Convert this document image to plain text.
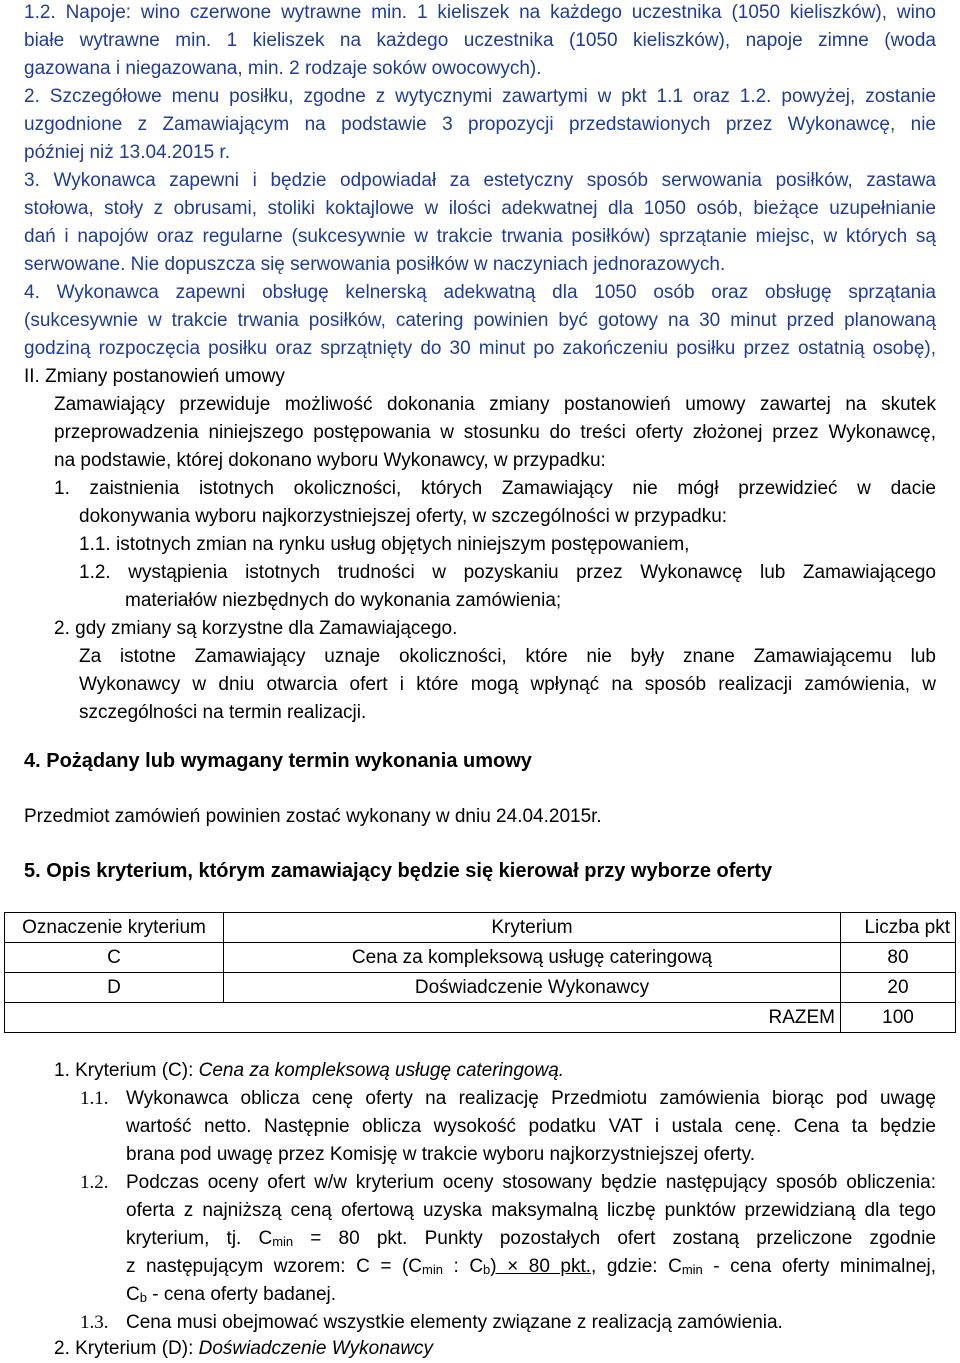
1.2. Napoje: wino czerwone wytrawne min. 1 kieliszek na każdego uczestnika (1050 kieliszków), wino
białe wytrawne min. 1 kieliszek na każdego uczestnika (1050 kieliszków), napoje zimne (woda
gazowana i niegazowana, min. 2 rodzaje soków owocowych).
2. Szczegółowe menu posiłku, zgodne z wytycznymi zawartymi w pkt 1.1 oraz 1.2. powyżej, zostanie
uzgodnione z Zamawiającym na podstawie 3 propozycji przedstawionych przez Wykonawcę, nie
później niż 13.04.2015 r.
3. Wykonawca zapewni i będzie odpowiadał za estetyczny sposób serwowania posiłków, zastawa
stołowa, stoły z obrusami, stoliki koktajlowe w ilości adekwatnej dla 1050 osób, bieżące uzupełnianie
dań i napojów oraz regularne (sukcesywnie w trakcie trwania posiłków) sprzątanie miejsc, w których są
serwowane. Nie dopuszcza się serwowania posiłków w naczyniach jednorazowych.
4. Wykonawca zapewni obsługę kelnerską adekwatną dla 1050 osób oraz obsługę sprzątania
(sukcesywnie w trakcie trwania posiłków, catering powinien być gotowy na 30 minut przed planowaną
godziną rozpoczęcia posiłku oraz sprzątnięty do 30 minut po zakończeniu posiłku przez ostatnią osobę),
II. Zmiany postanowień umowy
Zamawiający przewiduje możliwość dokonania zmiany postanowień umowy zawartej na skutek
przeprowadzenia niniejszego postępowania w stosunku do treści oferty złożonej przez Wykonawcę,
na podstawie, której dokonano wyboru Wykonawcy, w przypadku:
1. zaistnienia istotnych okoliczności, których Zamawiający nie mógł przewidzieć w dacie
dokonywania wyboru najkorzystniejszej oferty, w szczególności w przypadku:
1.1. istotnych zmian na rynku usług objętych niniejszym postępowaniem,
1.2. wystąpienia istotnych trudności w pozyskaniu przez Wykonawcę lub Zamawiającego
materiałów niezbędnych do wykonania zamówienia;
2. gdy zmiany są korzystne dla Zamawiającego.
Za istotne Zamawiający uznaje okoliczności, które nie były znane Zamawiającemu lub
Wykonawcy w dniu otwarcia ofert i które mogą wpłynąć na sposób realizacji zamówienia, w
szczególności na termin realizacji.
4. Pożądany lub wymagany termin wykonania umowy
Przedmiot zamówień powinien zostać wykonany w dniu 24.04.2015r.
5. Opis kryterium, którym zamawiający będzie się kierował przy wyborze oferty
Oznaczenie kryterium	Kryterium	Liczba pkt
C	Cena za kompleksową usługę cateringową	80
D	Doświadczenie Wykonawcy	20
RAZEM		100
1. Kryterium (C): Cena za kompleksową usługę cateringową.
1.1. Wykonawca oblicza cenę oferty na realizację Przedmiotu zamówienia biorąc pod uwagę
wartość netto. Następnie oblicza wysokość podatku VAT i ustala cenę. Cena ta będzie
brana pod uwagę przez Komisję w trakcie wyboru najkorzystniejszej oferty.
1.2. Podczas oceny ofert w/w kryterium oceny stosowany będzie następujący sposób obliczenia:
oferta z najniższą ceną ofertową uzyska maksymalną liczbę punktów przewidzianą dla tego
kryterium, tj. $C_{min} = 80$ pkt. Punkty pozostałych ofert zostaną przeliczone zgodnie
z następującym wzorem: $C = (C_{min}$ : $C_b) \times 80$ pkt., gdzie: $C_{min}$ - cena oferty minimalnej,
$C_b$ - cena oferty badanej.
1.3. Cena musi obejmować wszystkie elementy związane z realizacją zamówienia.
2. Kryterium (D): Doświadczenie Wykonawcy
